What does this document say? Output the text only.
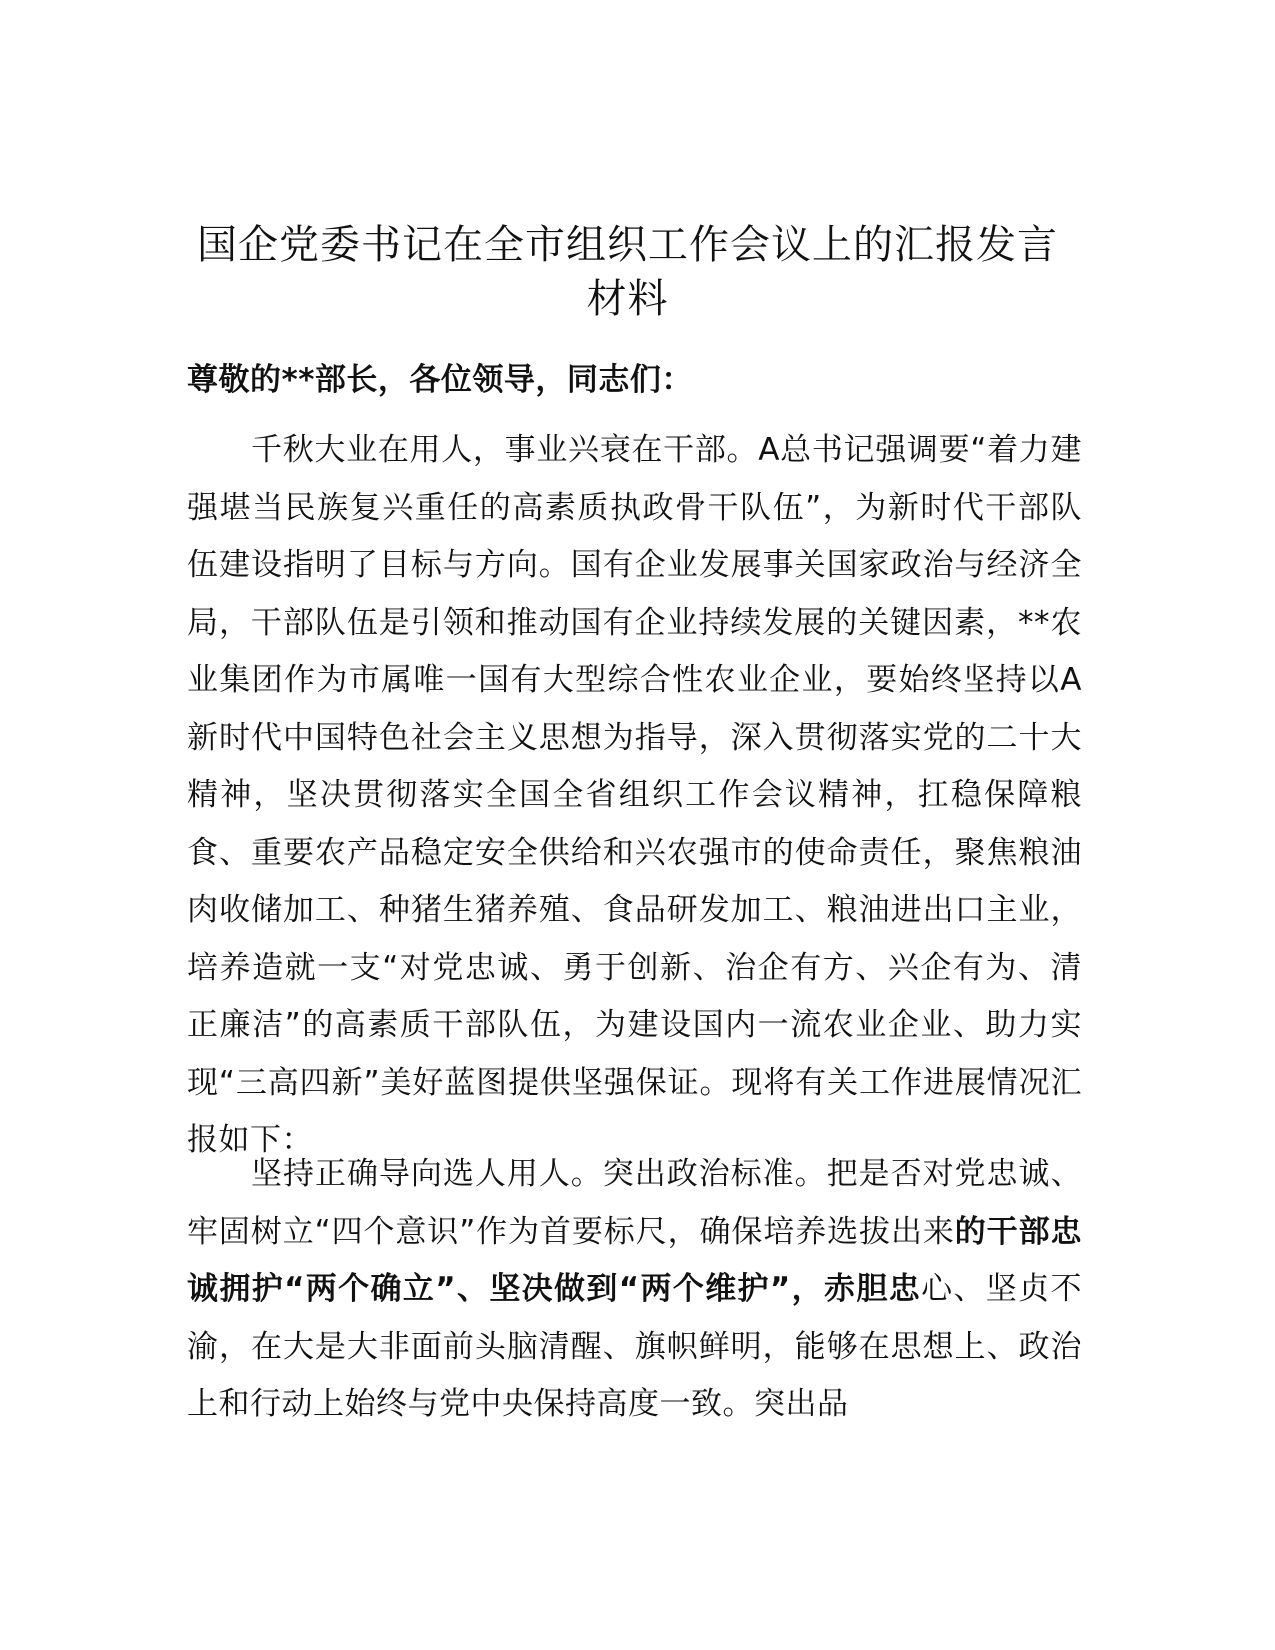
国企党委书记在全市组织工作会议上的汇报发言材料
尊敬的**部长，各位领导，同志们：
千秋大业在用人，事业兴衰在干部。A总书记强调要“着力建强堪当民族复兴重任的高素质执政骨干队伍”，为新时代干部队伍建设指明了目标与方向。国有企业发展事关国家政治与经济全局，干部队伍是引领和推动国有企业持续发展的关键因素，**农业集团作为市属唯一国有大型综合性农业企业，要始终坚持以A新时代中国特色社会主义思想为指导，深入贯彻落实党的二十大精神，坚决贯彻落实全国全省组织工作会议精神，扛稳保障粮食、重要农产品稳定安全供给和兴农强市的使命责任，聚焦粮油肉收储加工、种猪生猪养殖、食品研发加工、粮油进出口主业，培养造就一支“对党忠诚、勇于创新、治企有方、兴企有为、清正廉洁”的高素质干部队伍，为建设国内一流农业企业、助力实现“三高四新”美好蓝图提供坚强保证。现将有关工作进展情况汇报如下：
坚持正确导向选人用人。突出政治标准。把是否对党忠诚、牢固树立“四个意识”作为首要标尺，确保培养选拔出来的干部忠诚拥护“两个确立”、坚决做到“两个维护”，赤胆忠心、坚贞不渝，在大是大非面前头脑清醒、旗帜鲜明，能够在思想上、政治上和行动上始终与党中央保持高度一致。突出品
